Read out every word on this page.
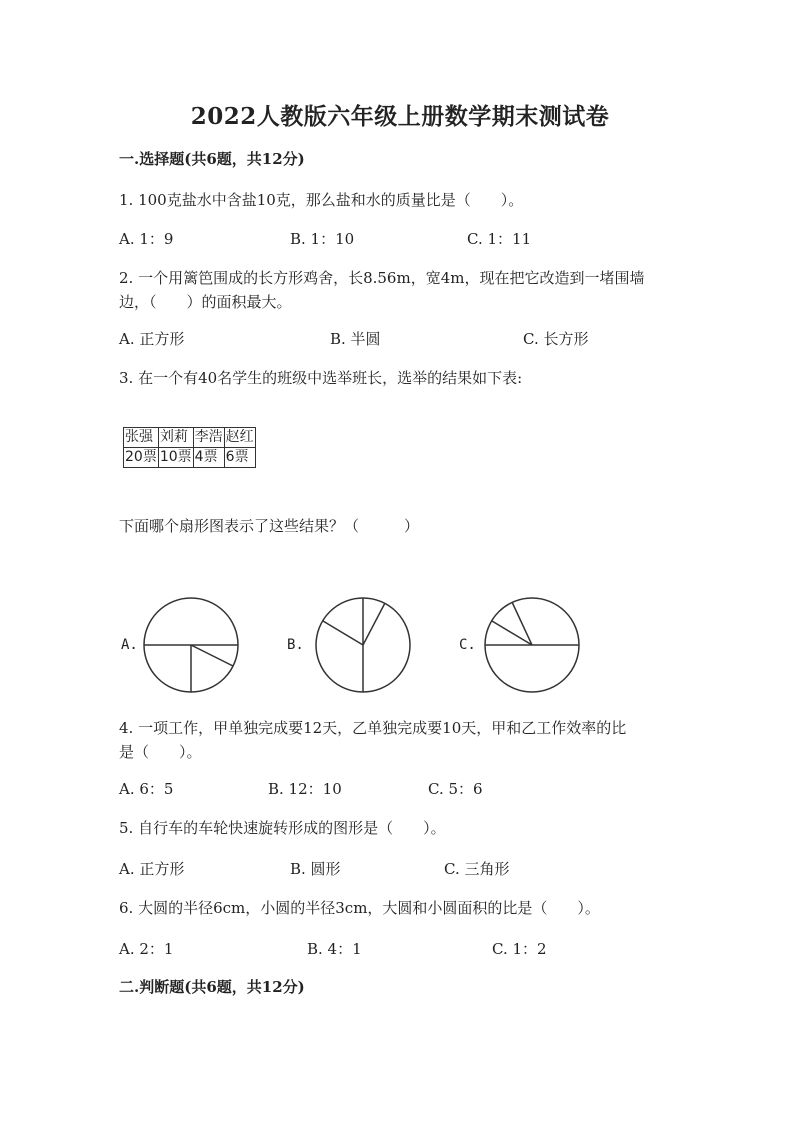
2022人教版六年级上册数学期末测试卷
一.选择题(共6题，共12分)
1. 100克盐水中含盐10克，那么盐和水的质量比是（　　）。
A. 1：9	B. 1：10	C. 1：11
2. 一个用篱笆围成的长方形鸡舍，长8.56m，宽4m，现在把它改造到一堵围墙
边，（　　）的面积最大。
A. 正方形	B. 半圆	C. 长方形
3. 在一个有40名学生的班级中选举班长，选举的结果如下表:
张强	刘莉	李浩	赵红
20票	10票	4票	6票
下面哪个扇形图表示了这些结果？（　　　）
A.	B.	C.
4. 一项工作，甲单独完成要12天，乙单独完成要10天，甲和乙工作效率的比
是（　　）。
A. 6：5	B. 12：10	C. 5：6
5. 自行车的车轮快速旋转形成的图形是（　　）。
A. 正方形	B. 圆形	C. 三角形
6. 大圆的半径6cm，小圆的半径3cm，大圆和小圆面积的比是（　　）。
A. 2：1	B. 4：1	C. 1：2
二.判断题(共6题，共12分)
